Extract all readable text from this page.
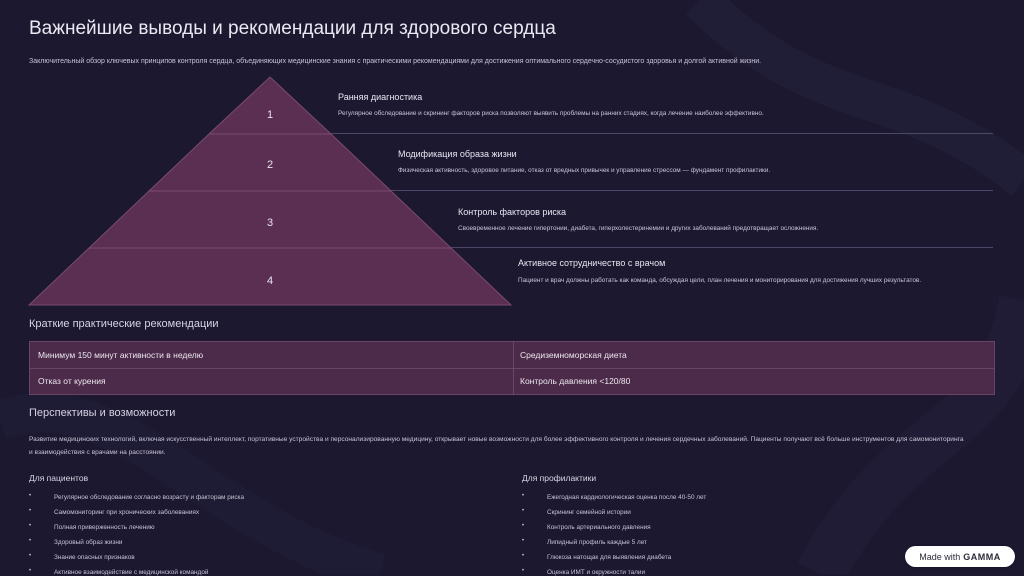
Важнейшие выводы и рекомендации для здорового сердца
Заключительный обзор ключевых принципов контроля сердца, объединяющих медицинские знания с практическими рекомендациями для достижения оптимального сердечно-сосудистого здоровья и долгой активной жизни.
1
2
3
4
Ранняя диагностика
Регулярное обследование и скрининг факторов риска позволяют выявить проблемы на ранних стадиях, когда лечение наиболее эффективно.
Модификация образа жизни
Физическая активность, здоровое питание, отказ от вредных привычек и управление стрессом — фундамент профилактики.
Контроль факторов риска
Своевременное лечение гипертонии, диабета, гиперхолестеринемии и других заболеваний предотвращает осложнения.
Активное сотрудничество с врачом
Пациент и врач должны работать как команда, обсуждая цели, план лечения и мониторирования для достижения лучших результатов.
Краткие практические рекомендации
Минимум 150 минут активности в неделю	Средиземноморская диета
Отказ от курения	Контроль давления <120/80
Перспективы и возможности
Развитие медицинских технологий, включая искусственный интеллект, портативные устройства и персонализированную медицину, открывает новые возможности для более эффективного контроля и лечения сердечных заболеваний. Пациенты получают всё больше инструментов для самомониторинга и взаимодействия с врачами на расстоянии.
Для пациентов	Для профилактики
•	Регулярное обследование согласно возрасту и факторам риска
•	Самомониторинг при хронических заболеваниях
•	Полная приверженность лечению
•	Здоровый образ жизни
•	Знание опасных признаков
•	Активное взаимодействие с медицинской командой
•	Ежегодная кардиологическая оценка после 40-50 лет
•	Скрининг семейной истории
•	Контроль артериального давления
•	Липидный профиль каждые 5 лет
•	Глюкоза натощак для выявления диабета
•	Оценка ИМТ и окружности талии
Made with GAMMA
